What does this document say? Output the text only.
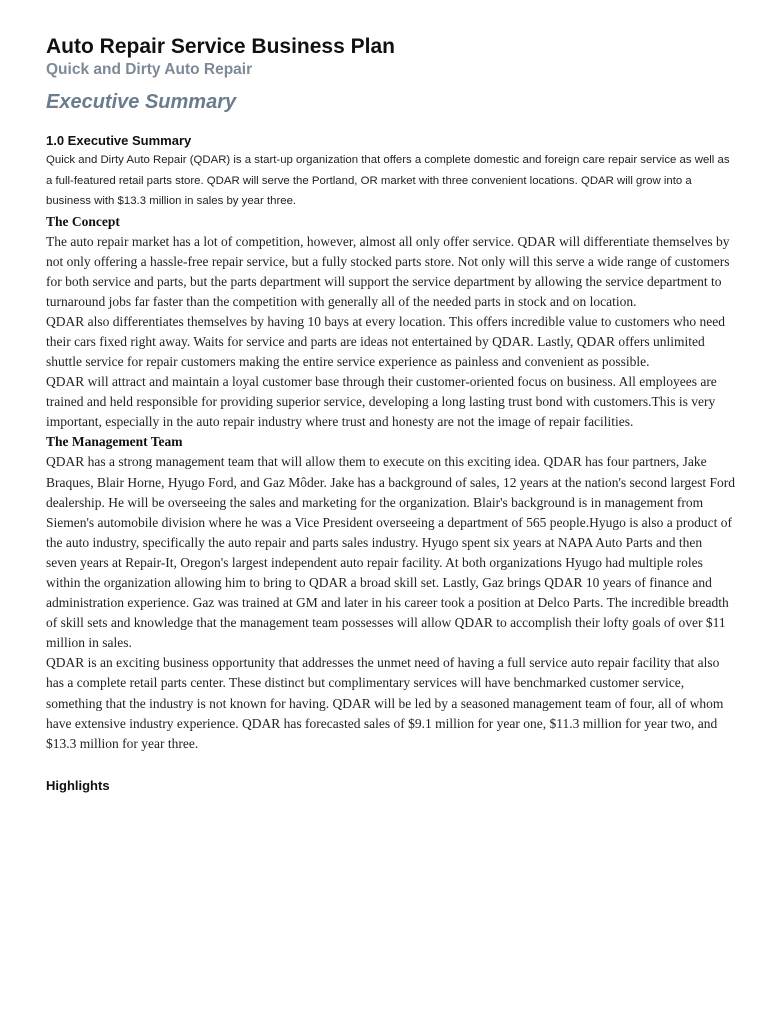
Auto Repair Service Business Plan
Quick and Dirty Auto Repair
Executive Summary
1.0 Executive Summary

Quick and Dirty Auto Repair (QDAR) is a start-up organization that offers a complete domestic and foreign care repair service as well as a full-featured retail parts store. QDAR will serve the Portland, OR market with three convenient locations. QDAR will grow into a business with $13.3 million in sales by year three.

The Concept

The auto repair market has a lot of competition, however, almost all only offer service. QDAR will differentiate themselves by not only offering a hassle-free repair service, but a fully stocked parts store. Not only will this serve a wide range of customers for both service and parts, but the parts department will support the service department by allowing the service department to turnaround jobs far faster than the competition with generally all of the needed parts in stock and on location.

QDAR also differentiates themselves by having 10 bays at every location. This offers incredible value to customers who need their cars fixed right away. Waits for service and parts are ideas not entertained by QDAR. Lastly, QDAR offers unlimited shuttle service for repair customers making the entire service experience as painless and convenient as possible.

QDAR will attract and maintain a loyal customer base through their customer-oriented focus on business. All employees are trained and held responsible for providing superior service, developing a long lasting trust bond with customers.This is very important, especially in the auto repair industry where trust and honesty are not the image of repair facilities.

The Management Team

QDAR has a strong management team that will allow them to execute on this exciting idea. QDAR has four partners, Jake Braques, Blair Horne, Hyugo Ford, and Gaz Môder. Jake has a background of sales, 12 years at the nation's second largest Ford dealership. He will be overseeing the sales and marketing for the organization. Blair's background is in management from Siemen's automobile division where he was a Vice President overseeing a department of 565 people.Hyugo is also a product of the auto industry, specifically the auto repair and parts sales industry. Hyugo spent six years at NAPA Auto Parts and then seven years at Repair-It, Oregon's largest independent auto repair facility. At both organizations Hyugo had multiple roles within the organization allowing him to bring to QDAR a broad skill set. Lastly, Gaz brings QDAR 10 years of finance and administration experience. Gaz was trained at GM and later in his career took a position at Delco Parts. The incredible breadth of skill sets and knowledge that the management team possesses will allow QDAR to accomplish their lofty goals of over $11 million in sales.

QDAR is an exciting business opportunity that addresses the unmet need of having a full service auto repair facility that also has a complete retail parts center. These distinct but complimentary services will have benchmarked customer service, something that the industry is not known for having. QDAR will be led by a seasoned management team of four, all of whom have extensive industry experience. QDAR has forecasted sales of $9.1 million for year one, $11.3 million for year two, and $13.3 million for year three.

Highlights
